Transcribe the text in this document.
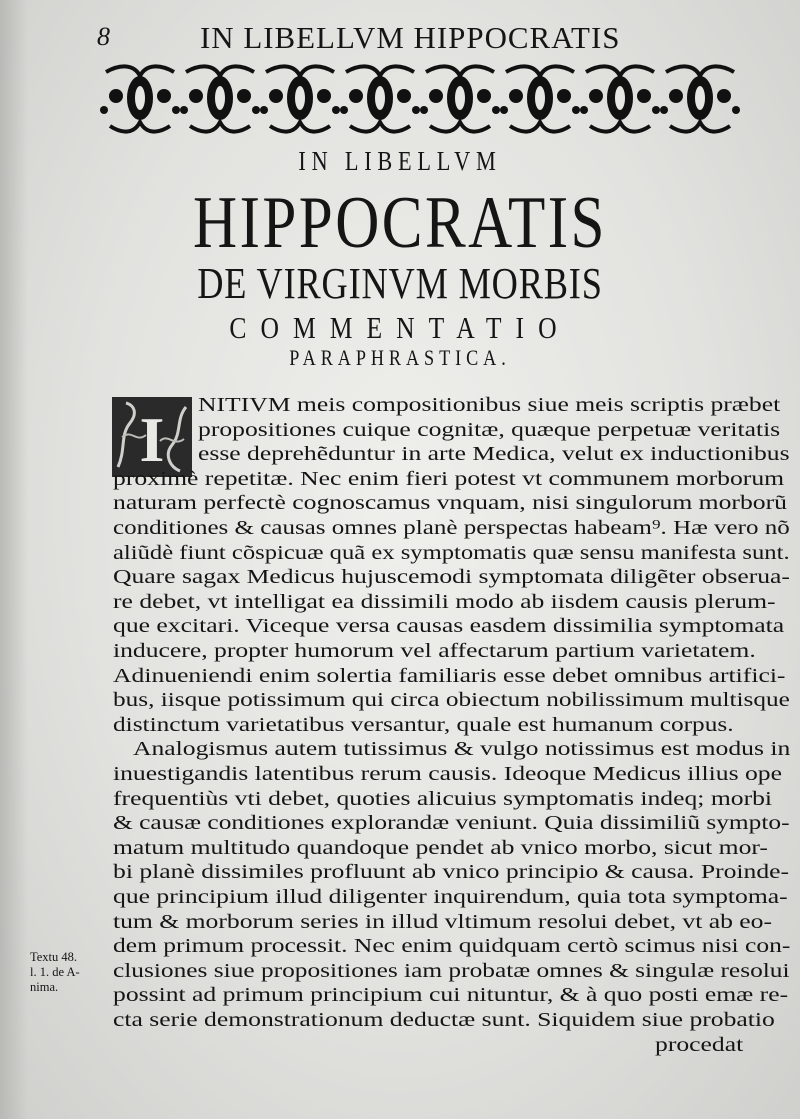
8	IN LIBELLVM HIPPOCRATIS
IN LIBELLVM
HIPPOCRATIS
DE VIRGINVM MORBIS
COMMENTATIO
PARAPHRASTICA.
I
Textu 48.
l. 1. de A-
nima.
NITIVM meis compositionibus siue meis scriptis præbet
propositiones cuique cognitæ, quæque perpetuæ veritatis
esse deprehẽduntur in arte Medica, velut ex inductionibus
proximè repetitæ. Nec enim fieri potest vt communem morborum
naturam perfectè cognoscamus vnquam, nisi singulorum morborũ
conditiones & causas omnes planè perspectas habeam⁹. Hæ vero nõ
aliũdè fiunt cõspicuæ quã ex symptomatis quæ sensu manifesta sunt.
Quare sagax Medicus hujuscemodi symptomata diligẽter obserua-
re debet, vt intelligat ea dissimili modo ab iisdem causis plerum-
que excitari. Viceque versa causas easdem dissimilia symptomata
inducere, propter humorum vel affectarum partium varietatem.
Adinueniendi enim solertia familiaris esse debet omnibus artifici-
bus, iisque potissimum qui circa obiectum nobilissimum multisque
distinctum varietatibus versantur, quale est humanum corpus.
Analogismus autem tutissimus & vulgo notissimus est modus in
inuestigandis latentibus rerum causis. Ideoque Medicus illius ope
frequentiùs vti debet, quoties alicuius symptomatis indeq; morbi
& causæ conditiones explorandæ veniunt. Quia dissimiliũ sympto-
matum multitudo quandoque pendet ab vnico morbo, sicut mor-
bi planè dissimiles profluunt ab vnico principio & causa. Proinde-
que principium illud diligenter inquirendum, quia tota symptoma-
tum & morborum series in illud vltimum resolui debet, vt ab eo-
dem primum processit. Nec enim quidquam certò scimus nisi con-
clusiones siue propositiones iam probatæ omnes & singulæ resolui
possint ad primum principium cui nituntur, & à quo posti emæ re-
cta serie demonstrationum deductæ sunt. Siquidem siue probatio
procedat
